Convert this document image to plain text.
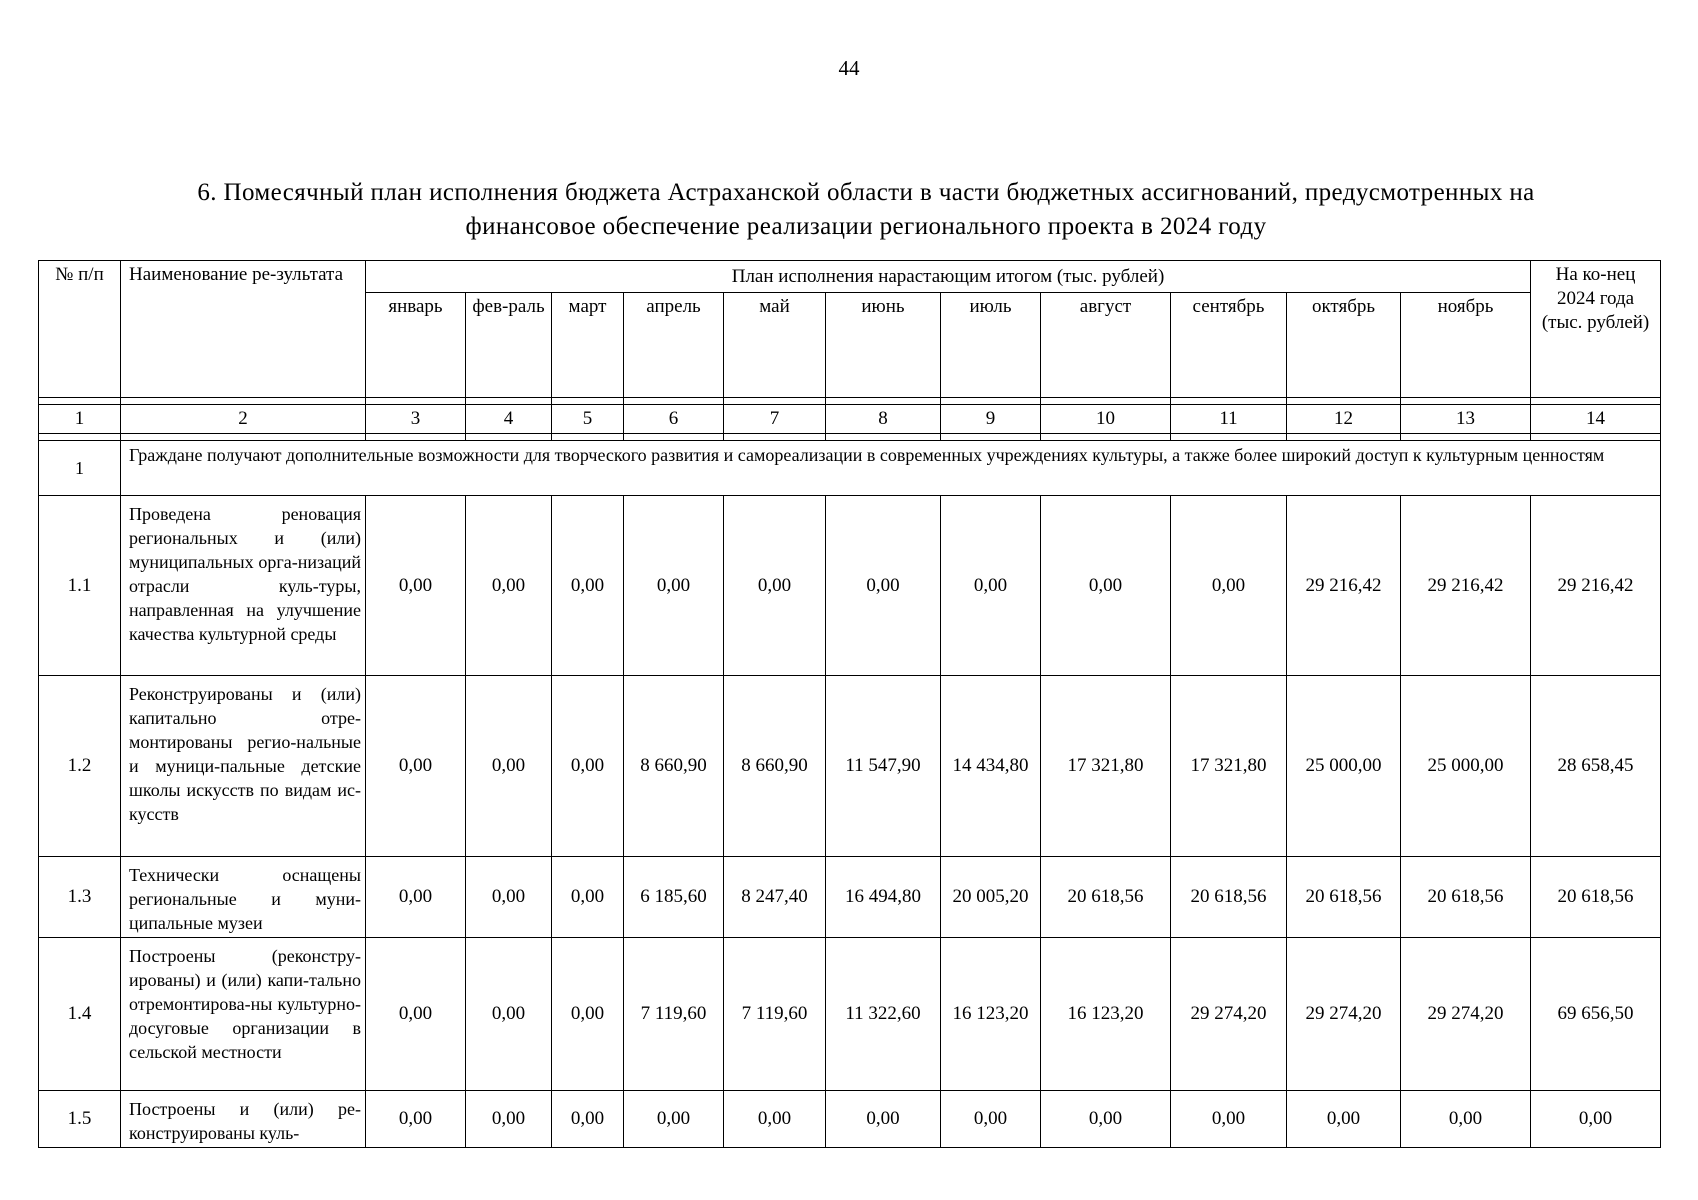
44
6. Помесячный план исполнения бюджета Астраханской области в части бюджетных ассигнований, предусмотренных на
финансовое обеспечение реализации регионального проекта в 2024 году
№ п/п	Наименование ре-зультата	План исполнения нарастающим итогом (тыс. рублей)											На ко-нец 2024 года (тыс. рублей)
		январь	фев-раль	март	апрель	май	июнь	июль	август	сентябрь	октябрь	ноябрь	

1	2	3	4	5	6	7	8	9	10	11	12	13	14

1	Граждане получают дополнительные возможности для творческого развития и самореализации в современных учреждениях культуры, а также более широкий доступ к культурным ценностям												
1.1	Проведена реновация региональных и (или) муниципальных орга-низаций отрасли куль-туры, направленная на улучшение качества культурной среды	0,00	0,00	0,00	0,00	0,00	0,00	0,00	0,00	0,00	29 216,42	29 216,42	29 216,42
1.2	Реконструированы и (или) капитально отре-монтированы регио-нальные и муници-пальные детские школы искусств по видам ис-кусств	0,00	0,00	0,00	8 660,90	8 660,90	11 547,90	14 434,80	17 321,80	17 321,80	25 000,00	25 000,00	28 658,45
1.3	Технически оснащены региональные и муни-ципальные музеи	0,00	0,00	0,00	6 185,60	8 247,40	16 494,80	20 005,20	20 618,56	20 618,56	20 618,56	20 618,56	20 618,56
1.4	Построены (реконстру-ированы) и (или) капи-тально отремонтирова-ны культурно-досуговые организации в сельской местности	0,00	0,00	0,00	7 119,60	7 119,60	11 322,60	16 123,20	16 123,20	29 274,20	29 274,20	29 274,20	69 656,50
1.5	Построены и (или) ре-конструированы куль-	0,00	0,00	0,00	0,00	0,00	0,00	0,00	0,00	0,00	0,00	0,00	0,00
